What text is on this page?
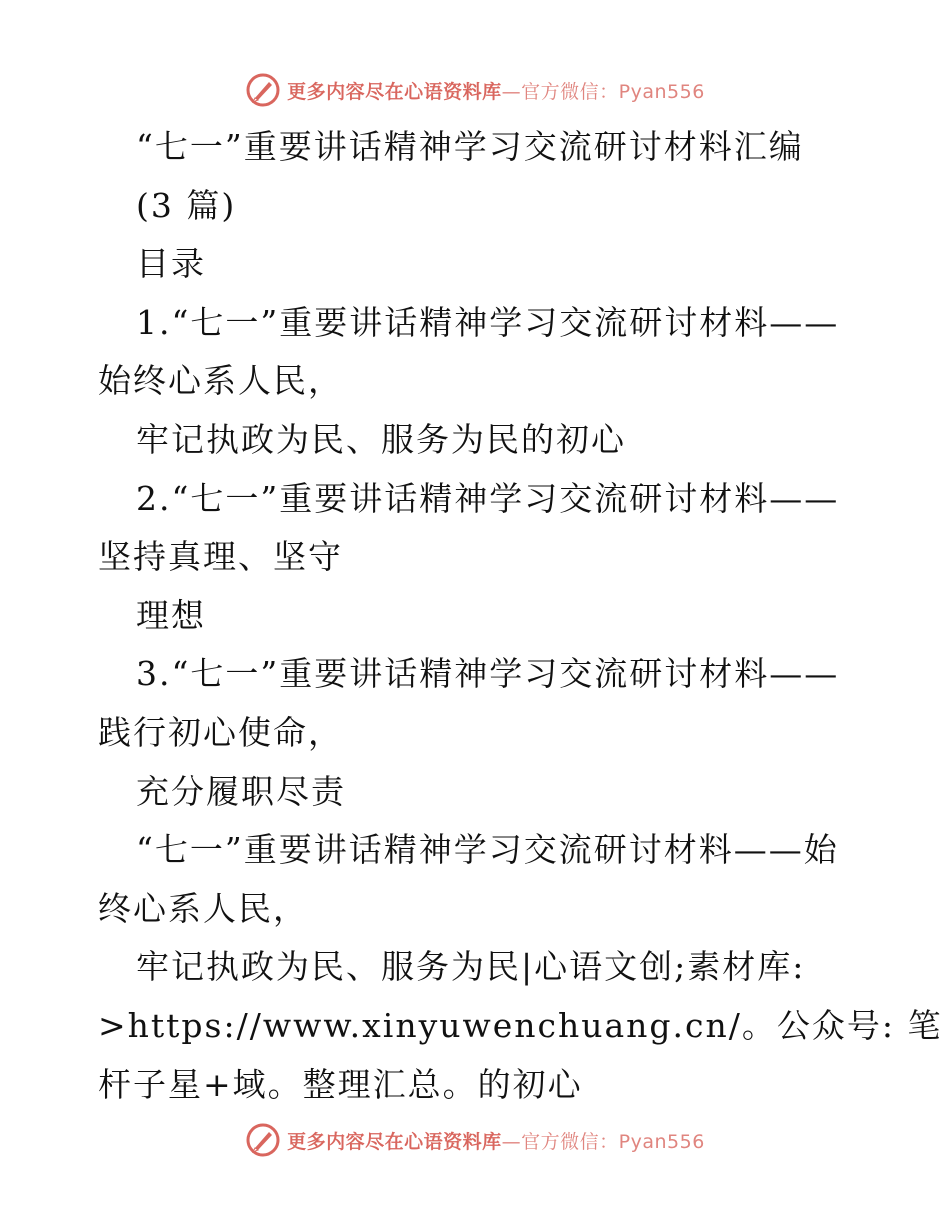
更多内容尽在心语资料库—官方微信：Pyan556
“七一”重要讲话精神学习交流研讨材料汇编
(3 篇)
目录
1.“七一”重要讲话精神学习交流研讨材料——
始终心系人民，
牢记执政为民、服务为民的初心
2.“七一”重要讲话精神学习交流研讨材料——
坚持真理、坚守
理想
3.“七一”重要讲话精神学习交流研讨材料——
践行初心使命，
充分履职尽责
“七一”重要讲话精神学习交流研讨材料——始
终心系人民，
牢记执政为民、服务为民|心语文创;素材库:
>https://www.xinyuwenchuang.cn/。公众号: 笔
杆子星+域。整理汇总。的初心
更多内容尽在心语资料库—官方微信：Pyan556
